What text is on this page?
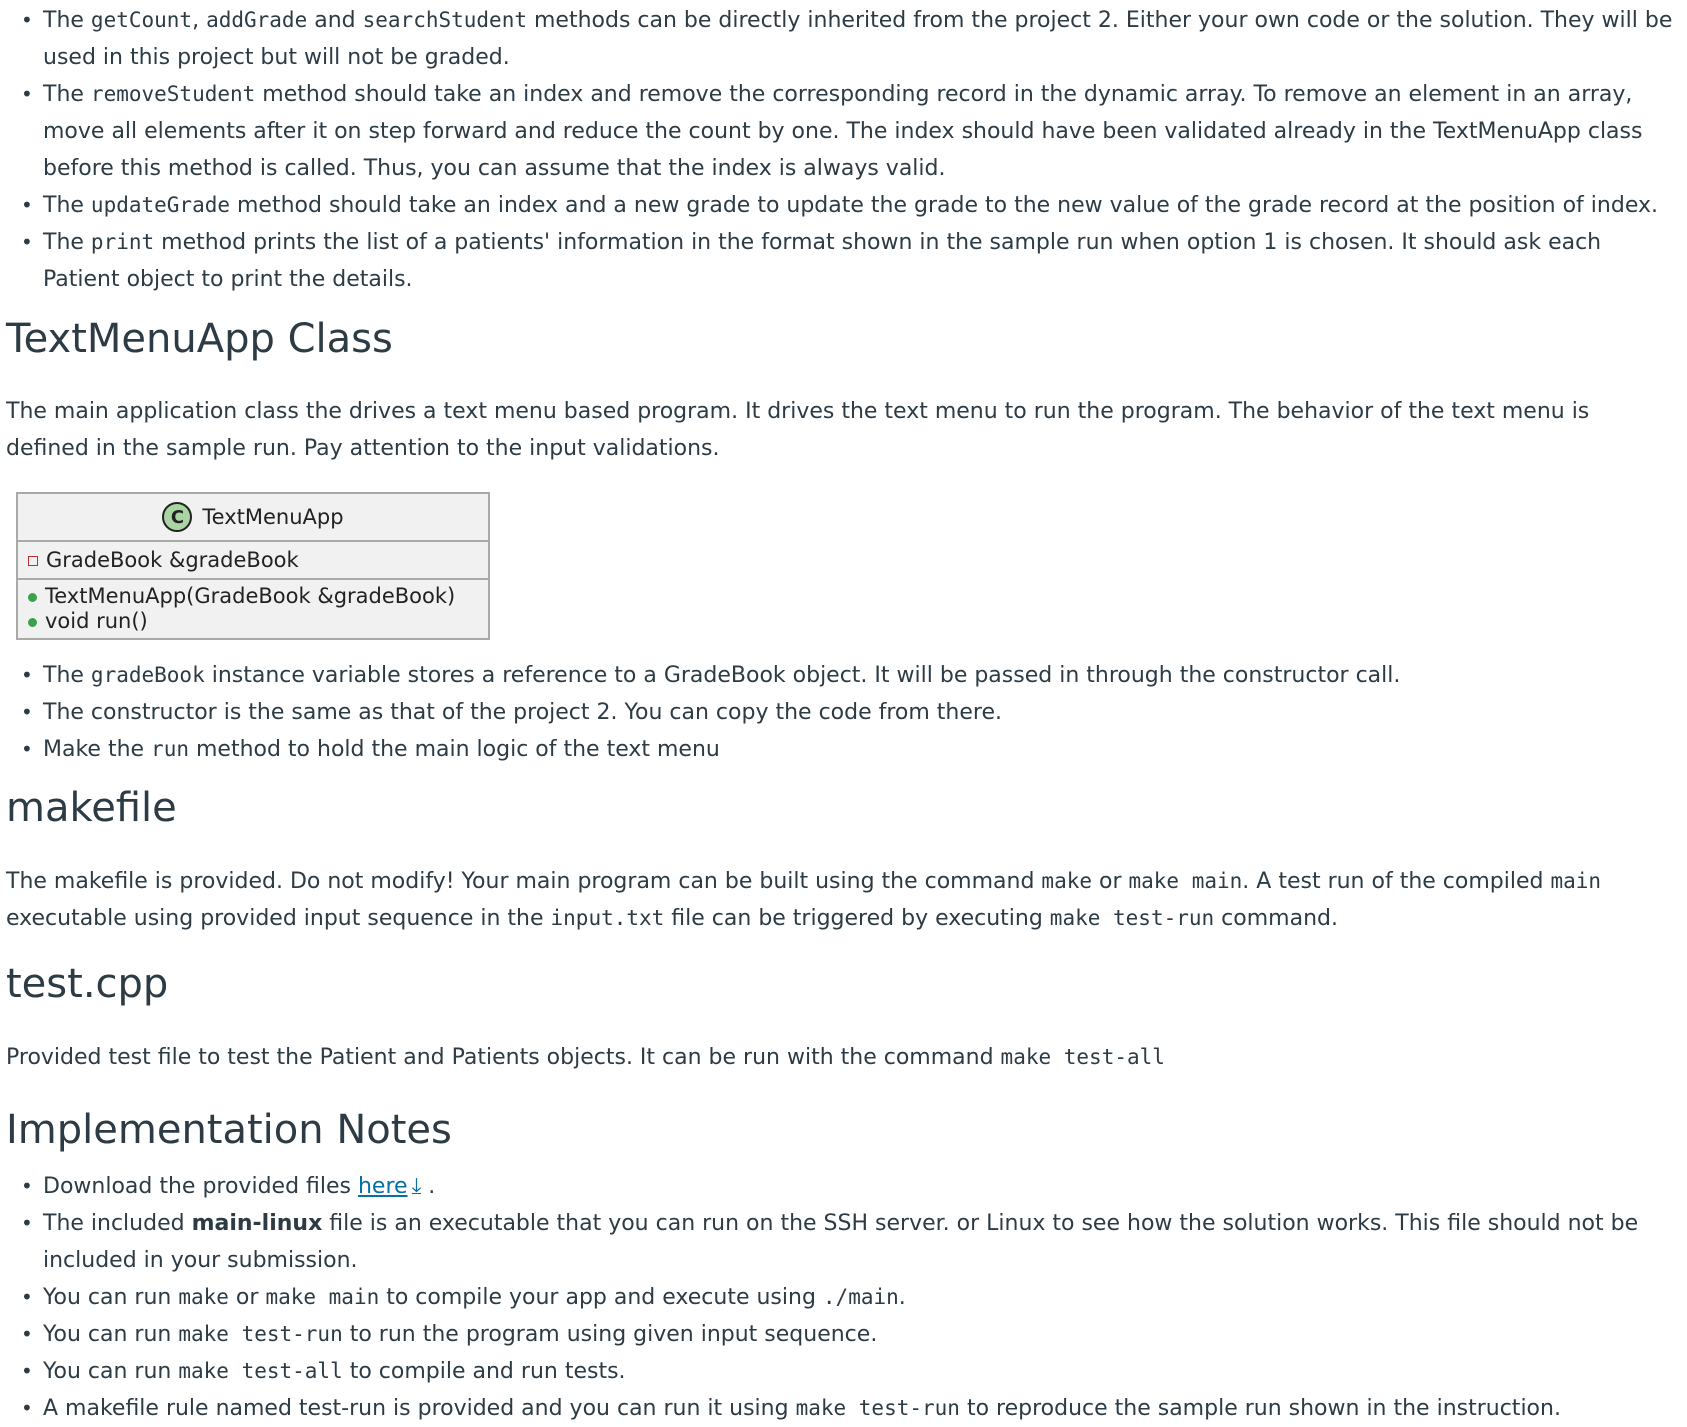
• The getCount, addGrade and searchStudent methods can be directly inherited from the project 2. Either your own code or the solution. They will be used in this project but will not be graded.
• The removeStudent method should take an index and remove the corresponding record in the dynamic array. To remove an element in an array, move all elements after it on step forward and reduce the count by one. The index should have been validated already in the TextMenuApp class before this method is called. Thus, you can assume that the index is always valid.
• The updateGrade method should take an index and a new grade to update the grade to the new value of the grade record at the position of index.
• The print method prints the list of a patients' information in the format shown in the sample run when option 1 is chosen. It should ask each Patient object to print the details.
TextMenuApp Class

The main application class the drives a text menu based program. It drives the text menu to run the program. The behavior of the text menu is defined in the sample run. Pay attention to the input validations.

C TextMenuApp
GradeBook &gradeBook
TextMenuApp(GradeBook &gradeBook)
void run()
• The gradeBook instance variable stores a reference to a GradeBook object. It will be passed in through the constructor call.
• The constructor is the same as that of the project 2. You can copy the code from there.
• Make the run method to hold the main logic of the text menu
makefile

The makefile is provided. Do not modify! Your main program can be built using the command make or make main. A test run of the compiled main executable using provided input sequence in the input.txt file can be triggered by executing make test-run command.

test.cpp

Provided test file to test the Patient and Patients objects. It can be run with the command make test-all

Implementation Notes
• Download the provided files here ⤓ .
• The included main-linux file is an executable that you can run on the SSH server. or Linux to see how the solution works. This file should not be included in your submission.
• You can run make or make main to compile your app and execute using ./main.
• You can run make test-run to run the program using given input sequence.
• You can run make test-all to compile and run tests.
• A makefile rule named test-run is provided and you can run it using make test-run to reproduce the sample run shown in the instruction.
